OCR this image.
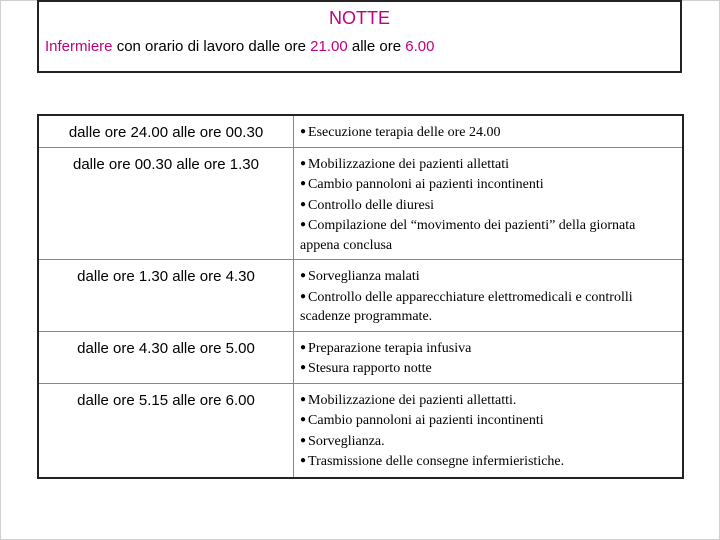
NOTTE
Infermiere con orario di lavoro dalle ore 21.00 alle ore 6.00
dalle ore 24.00 alle ore 00.30	● Esecuzione terapia delle ore 24.00

dalle ore 00.30 alle ore 1.30	● Mobilizzazione dei pazienti allettati
● Cambio pannoloni ai pazienti incontinenti
● Controllo delle diuresi
● Compilazione del “movimento dei pazienti” della giornata appena conclusa

dalle ore 1.30 alle ore 4.30	● Sorveglianza malati
● Controllo delle apparecchiature elettromedicali e controlli scadenze programmate.

dalle ore 4.30 alle ore 5.00	● Preparazione terapia infusiva
● Stesura rapporto notte

dalle ore 5.15 alle ore 6.00	● Mobilizzazione dei pazienti allettatti.
● Cambio pannoloni ai pazienti incontinenti
● Sorveglianza.
● Trasmissione delle consegne infermieristiche.
